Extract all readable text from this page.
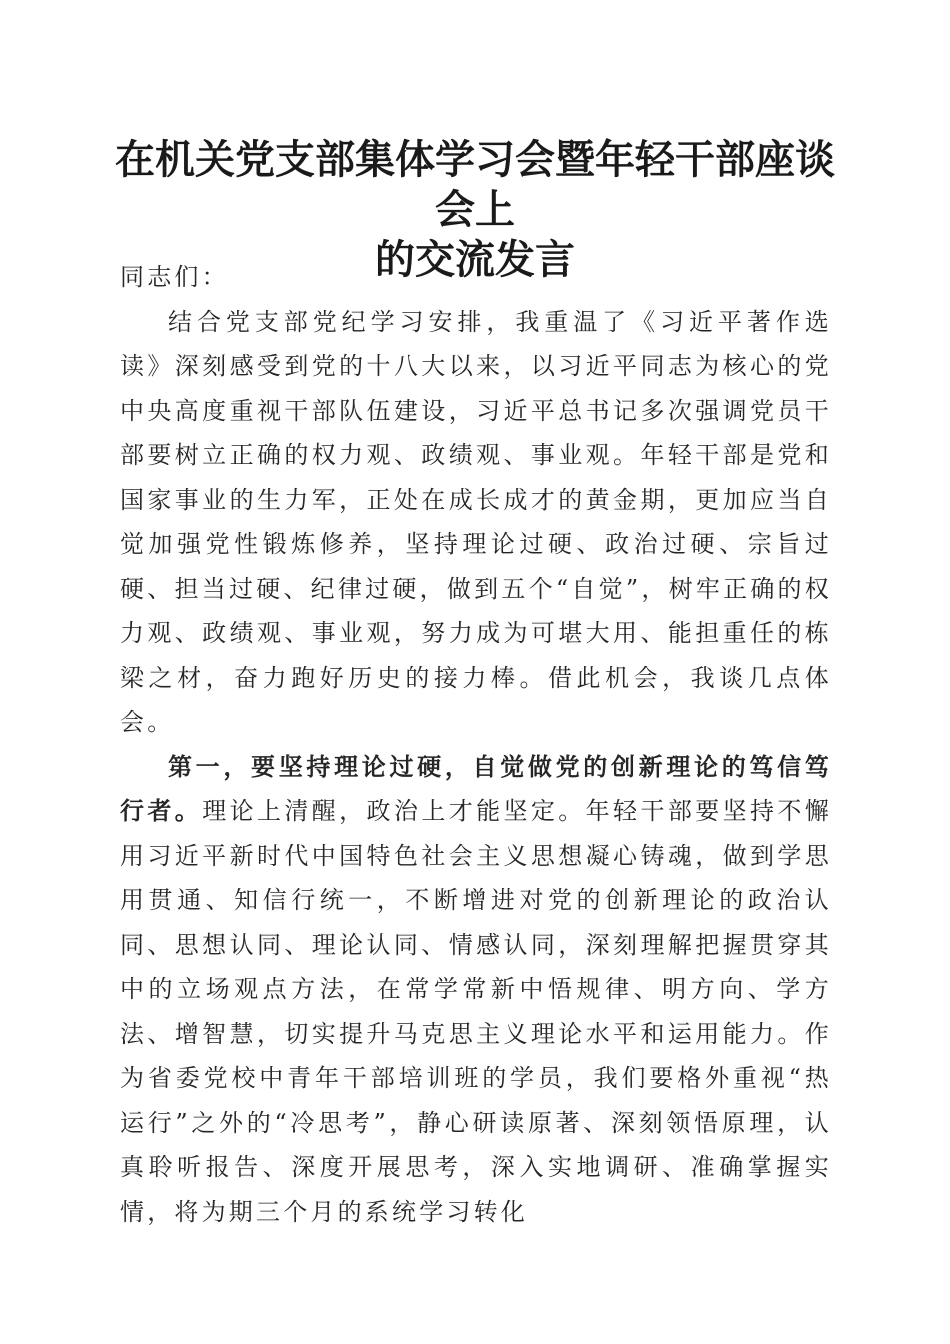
在机关党支部集体学习会暨年轻干部座谈会上
的交流发言

同志们：

结合党支部党纪学习安排，我重温了《习近平著作选读》深刻感受到党的十八大以来，以习近平同志为核心的党中央高度重视干部队伍建设，习近平总书记多次强调党员干部要树立正确的权力观、政绩观、事业观。年轻干部是党和国家事业的生力军，正处在成长成才的黄金期，更加应当自觉加强党性锻炼修养，坚持理论过硬、政治过硬、宗旨过硬、担当过硬、纪律过硬，做到五个“自觉”，树牢正确的权力观、政绩观、事业观，努力成为可堪大用、能担重任的栋梁之材，奋力跑好历史的接力棒。借此机会，我谈几点体会。

第一，要坚持理论过硬，自觉做党的创新理论的笃信笃行者。理论上清醒，政治上才能坚定。年轻干部要坚持不懈用习近平新时代中国特色社会主义思想凝心铸魂，做到学思用贯通、知信行统一，不断增进对党的创新理论的政治认同、思想认同、理论认同、情感认同，深刻理解把握贯穿其中的立场观点方法，在常学常新中悟规律、明方向、学方法、增智慧，切实提升马克思主义理论水平和运用能力。作为省委党校中青年干部培训班的学员，我们要格外重视“热运行”之外的“冷思考”，静心研读原著、深刻领悟原理，认真聆听报告、深度开展思考，深入实地调研、准确掌握实情，将为期三个月的系统学习转化
